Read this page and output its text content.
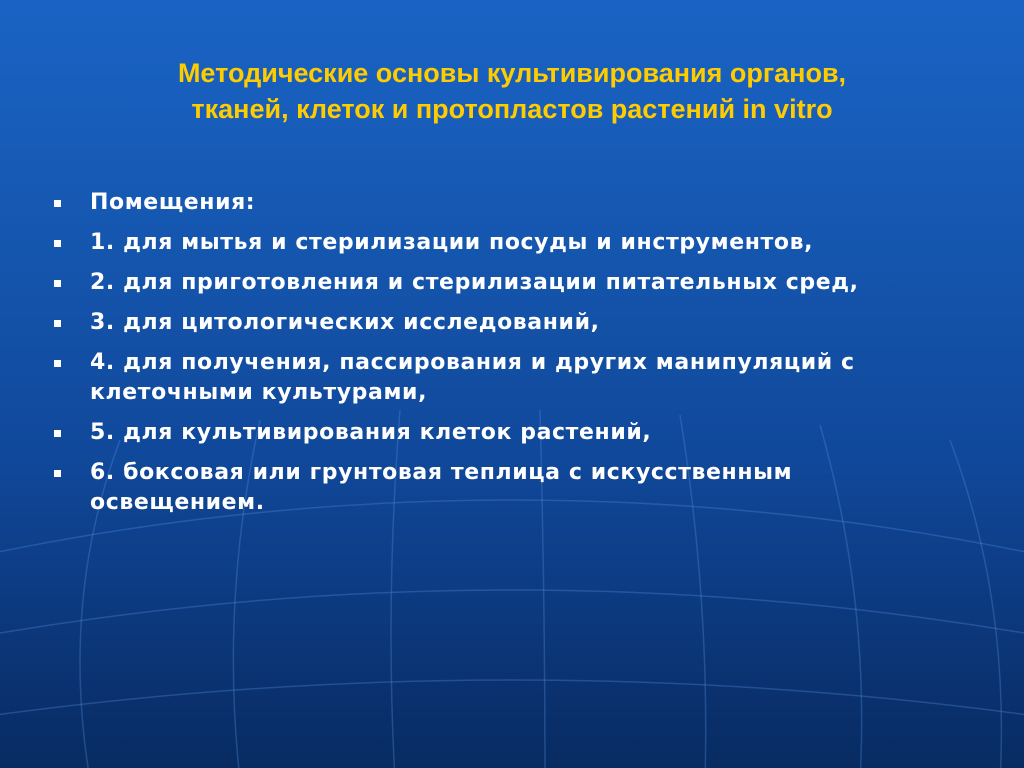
Методические основы культивирования органов,
тканей, клеток и протопластов растений in vitro
Помещения:
1. для мытья и стерилизации посуды и инструментов,
2. для приготовления и стерилизации питательных сред,
3. для цитологических исследований,
4. для получения, пассирования и других манипуляций с клеточными культурами,
5. для культивирования клеток растений,
6. боксовая или грунтовая теплица с искусственным освещением.
